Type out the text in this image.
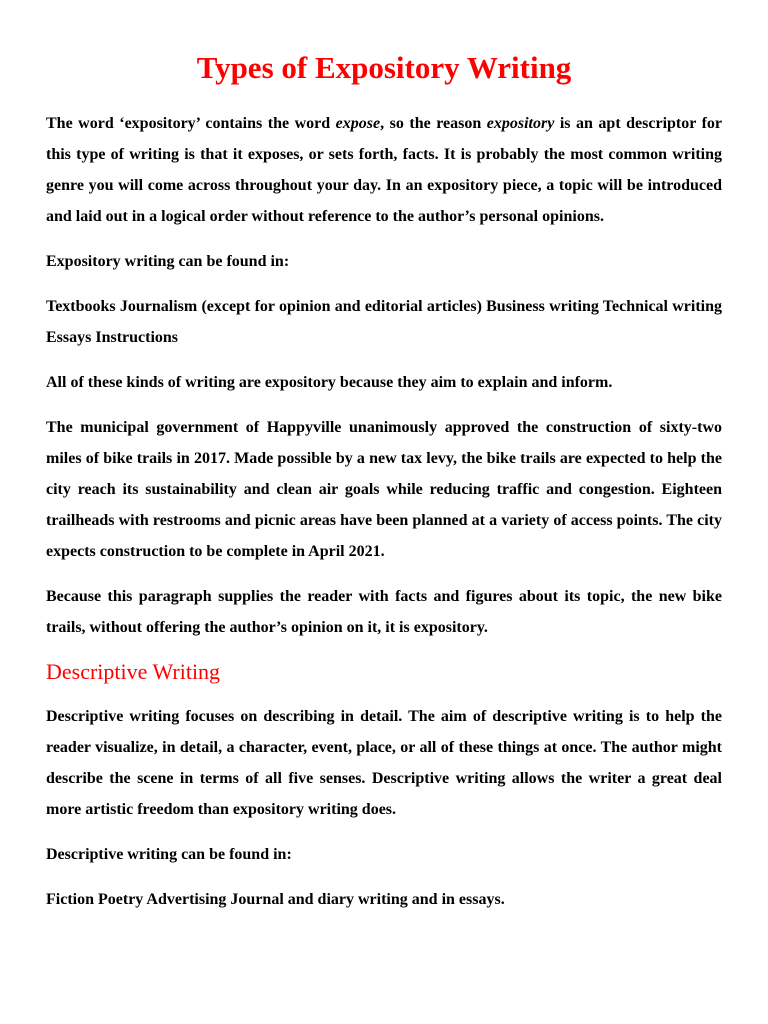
Types of Expository Writing

The word ‘expository’ contains the word expose, so the reason expository is an apt descriptor for this type of writing is that it exposes, or sets forth, facts. It is probably the most common writing genre you will come across throughout your day. In an expository piece, a topic will be introduced and laid out in a logical order without reference to the author’s personal opinions.

Expository writing can be found in:

Textbooks Journalism (except for opinion and editorial articles) Business writing Technical writing Essays Instructions

All of these kinds of writing are expository because they aim to explain and inform.

The municipal government of Happyville unanimously approved the construction of sixty-two miles of bike trails in 2017. Made possible by a new tax levy, the bike trails are expected to help the city reach its sustainability and clean air goals while reducing traffic and congestion. Eighteen trailheads with restrooms and picnic areas have been planned at a variety of access points. The city expects construction to be complete in April 2021.

Because this paragraph supplies the reader with facts and figures about its topic, the new bike trails, without offering the author’s opinion on it, it is expository.

Descriptive Writing

Descriptive writing focuses on describing in detail. The aim of descriptive writing is to help the reader visualize, in detail, a character, event, place, or all of these things at once. The author might describe the scene in terms of all five senses. Descriptive writing allows the writer a great deal more artistic freedom than expository writing does.

Descriptive writing can be found in:

Fiction Poetry Advertising Journal and diary writing and in essays.
